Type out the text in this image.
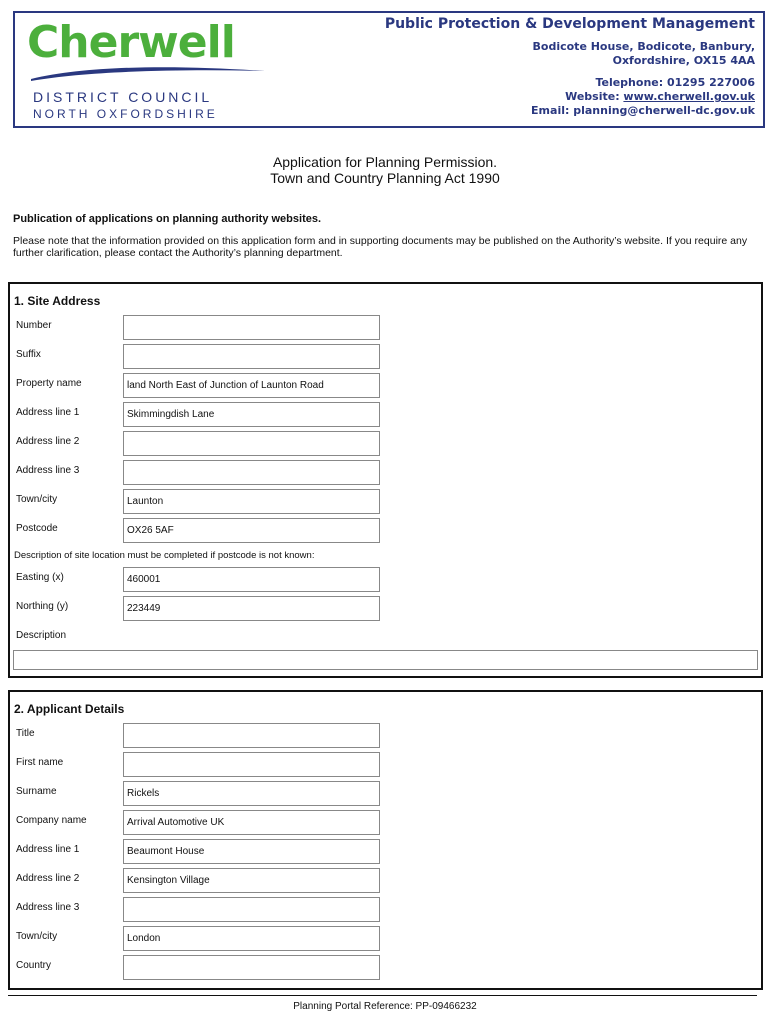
Cherwell
DISTRICT COUNCIL
NORTH OXFORDSHIRE
Public Protection & Development Management
Bodicote House, Bodicote, Banbury,
Oxfordshire, OX15 4AA
Telephone: 01295 227006
Website: www.cherwell.gov.uk
Email: planning@cherwell-dc.gov.uk
Application for Planning Permission.
Town and Country Planning Act 1990
Publication of applications on planning authority websites.
Please note that the information provided on this application form and in supporting documents may be published on the Authority’s website. If you require any further clarification, please contact the Authority’s planning department.
1. Site Address
Number
Suffix
Property name	land North East of Junction of Launton Road
Address line 1	Skimmingdish Lane
Address line 2
Address line 3
Town/city	Launton
Postcode	OX26 5AF
Description of site location must be completed if postcode is not known:
Easting (x)	460001
Northing (y)	223449
Description
2. Applicant Details
Title
First name
Surname	Rickels
Company name	Arrival Automotive UK
Address line 1	Beaumont House
Address line 2	Kensington Village
Address line 3
Town/city	London
Country
Planning Portal Reference: PP-09466232
